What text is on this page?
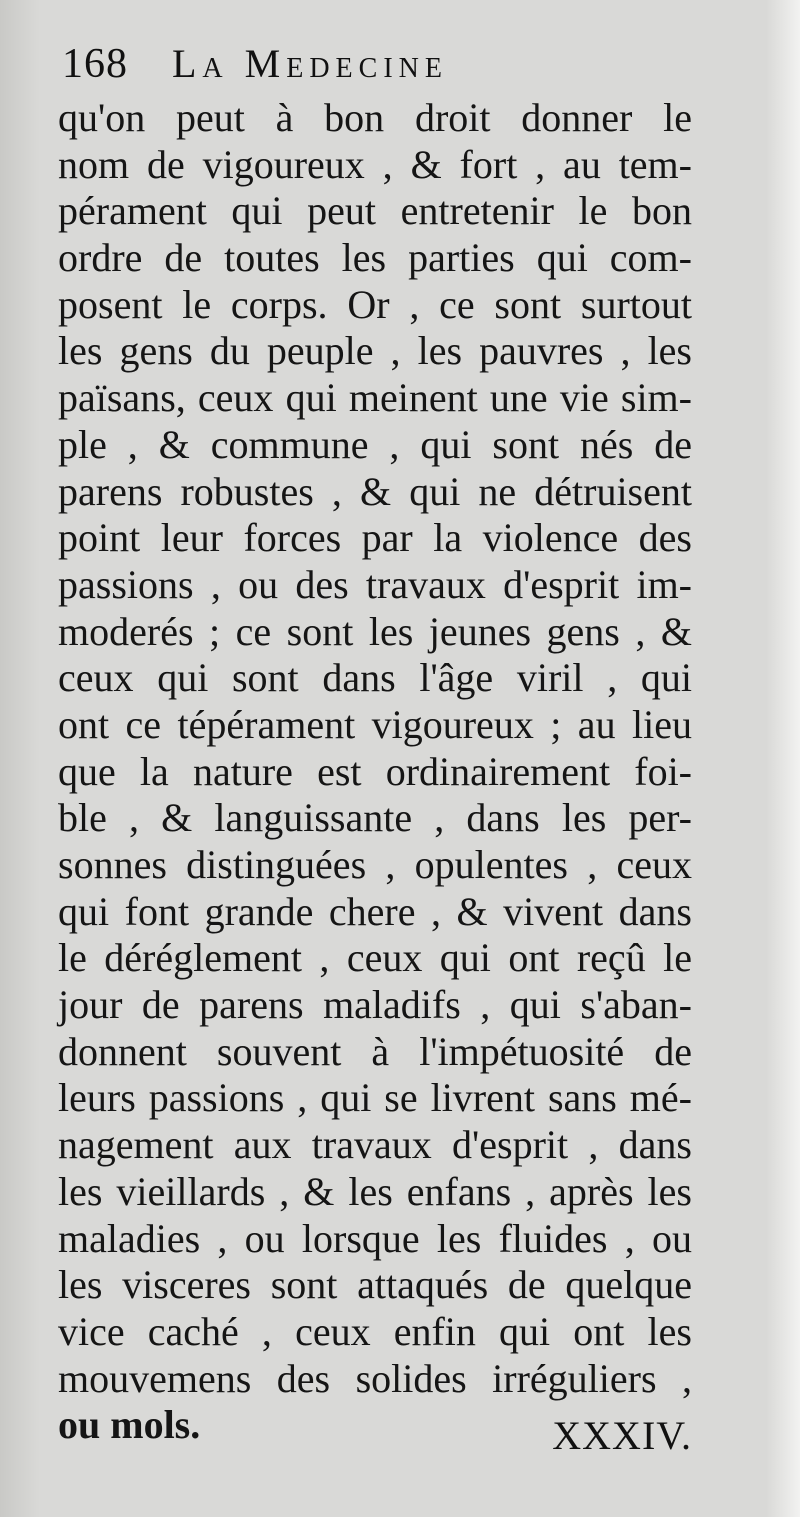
168 La Medecine
qu'on peut à bon droit donner le
nom de vigoureux , & fort , au tem-
pérament qui peut entretenir le bon
ordre de toutes les parties qui com-
posent le corps. Or , ce sont surtout
les gens du peuple , les pauvres , les
païsans, ceux qui meinent une vie sim-
ple , & commune , qui sont nés de
parens robustes , & qui ne détruisent
point leur forces par la violence des
passions , ou des travaux d'esprit im-
moderés ; ce sont les jeunes gens , &
ceux qui sont dans l'âge viril , qui
ont ce tépérament vigoureux ; au lieu
que la nature est ordinairement foi-
ble , & languissante , dans les per-
sonnes distinguées , opulentes , ceux
qui font grande chere , & vivent dans
le déréglement , ceux qui ont reçû le
jour de parens maladifs , qui s'aban-
donnent souvent à l'impétuosité de
leurs passions , qui se livrent sans mé-
nagement aux travaux d'esprit , dans
les vieillards , & les enfans , après les
maladies , ou lorsque les fluides , ou
les visceres sont attaqués de quelque
vice caché , ceux enfin qui ont les
mouvemens des solides irréguliers ,
ou mols.	XXXIV.
